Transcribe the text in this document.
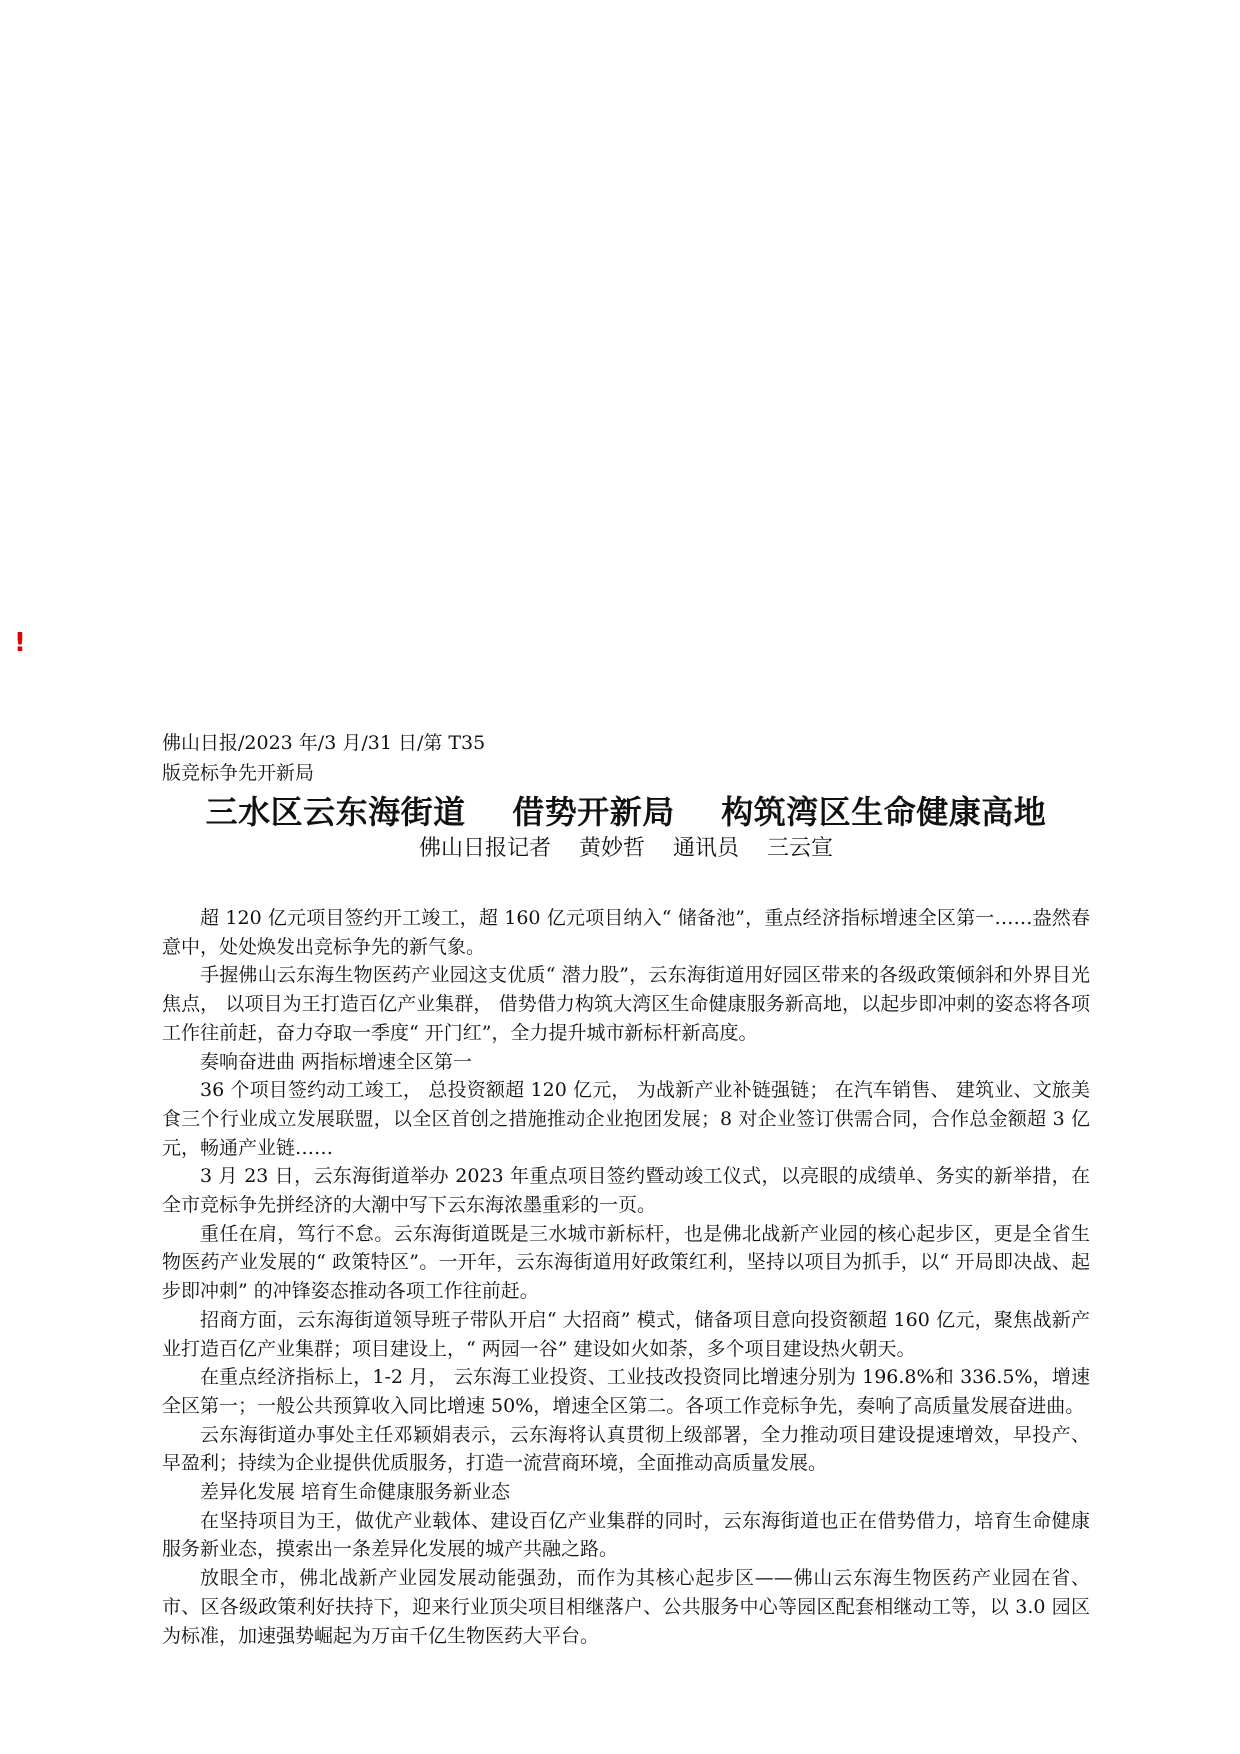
!
佛山日报/2023 年/3 月/31 日/第 T35
版竞标争先开新局
三水区云东海街道    借势开新局    构筑湾区生命健康高地
佛山日报记者    黄妙哲    通讯员    三云宣

超 120 亿元项目签约开工竣工，超 160 亿元项目纳入“ 储备池”，重点经济指标增速全区第一……盎然春意中，处处焕发出竞标争先的新气象。

手握佛山云东海生物医药产业园这支优质“ 潜力股”，云东海街道用好园区带来的各级政策倾斜和外界目光焦点， 以项目为王打造百亿产业集群， 借势借力构筑大湾区生命健康服务新高地，以起步即冲刺的姿态将各项工作往前赶，奋力夺取一季度“ 开门红”，全力提升城市新标杆新高度。

奏响奋进曲 两指标增速全区第一

36 个项目签约动工竣工， 总投资额超 120 亿元， 为战新产业补链强链； 在汽车销售、 建筑业、文旅美食三个行业成立发展联盟，以全区首创之措施推动企业抱团发展；8 对企业签订供需合同，合作总金额超 3 亿元，畅通产业链……

3 月 23 日，云东海街道举办 2023 年重点项目签约暨动竣工仪式，以亮眼的成绩单、务实的新举措，在全市竞标争先拼经济的大潮中写下云东海浓墨重彩的一页。

重任在肩，笃行不怠。云东海街道既是三水城市新标杆，也是佛北战新产业园的核心起步区，更是全省生物医药产业发展的“ 政策特区”。一开年，云东海街道用好政策红利，坚持以项目为抓手，以“ 开局即决战、起步即冲刺” 的冲锋姿态推动各项工作往前赶。

招商方面，云东海街道领导班子带队开启“ 大招商” 模式，储备项目意向投资额超 160 亿元，聚焦战新产业打造百亿产业集群；项目建设上，“ 两园一谷” 建设如火如荼，多个项目建设热火朝天。

在重点经济指标上，1-2 月， 云东海工业投资、工业技改投资同比增速分别为 196.8%和 336.5%，增速全区第一；一般公共预算收入同比增速 50%，增速全区第二。各项工作竞标争先，奏响了高质量发展奋进曲。

云东海街道办事处主任邓颖娟表示，云东海将认真贯彻上级部署，全力推动项目建设提速增效，早投产、早盈利；持续为企业提供优质服务，打造一流营商环境，全面推动高质量发展。

差异化发展 培育生命健康服务新业态

在坚持项目为王，做优产业载体、建设百亿产业集群的同时，云东海街道也正在借势借力，培育生命健康服务新业态，摸索出一条差异化发展的城产共融之路。

放眼全市，佛北战新产业园发展动能强劲，而作为其核心起步区——佛山云东海生物医药产业园在省、市、区各级政策利好扶持下，迎来行业顶尖项目相继落户、公共服务中心等园区配套相继动工等，以 3.0 园区为标准，加速强势崛起为万亩千亿生物医药大平台。
